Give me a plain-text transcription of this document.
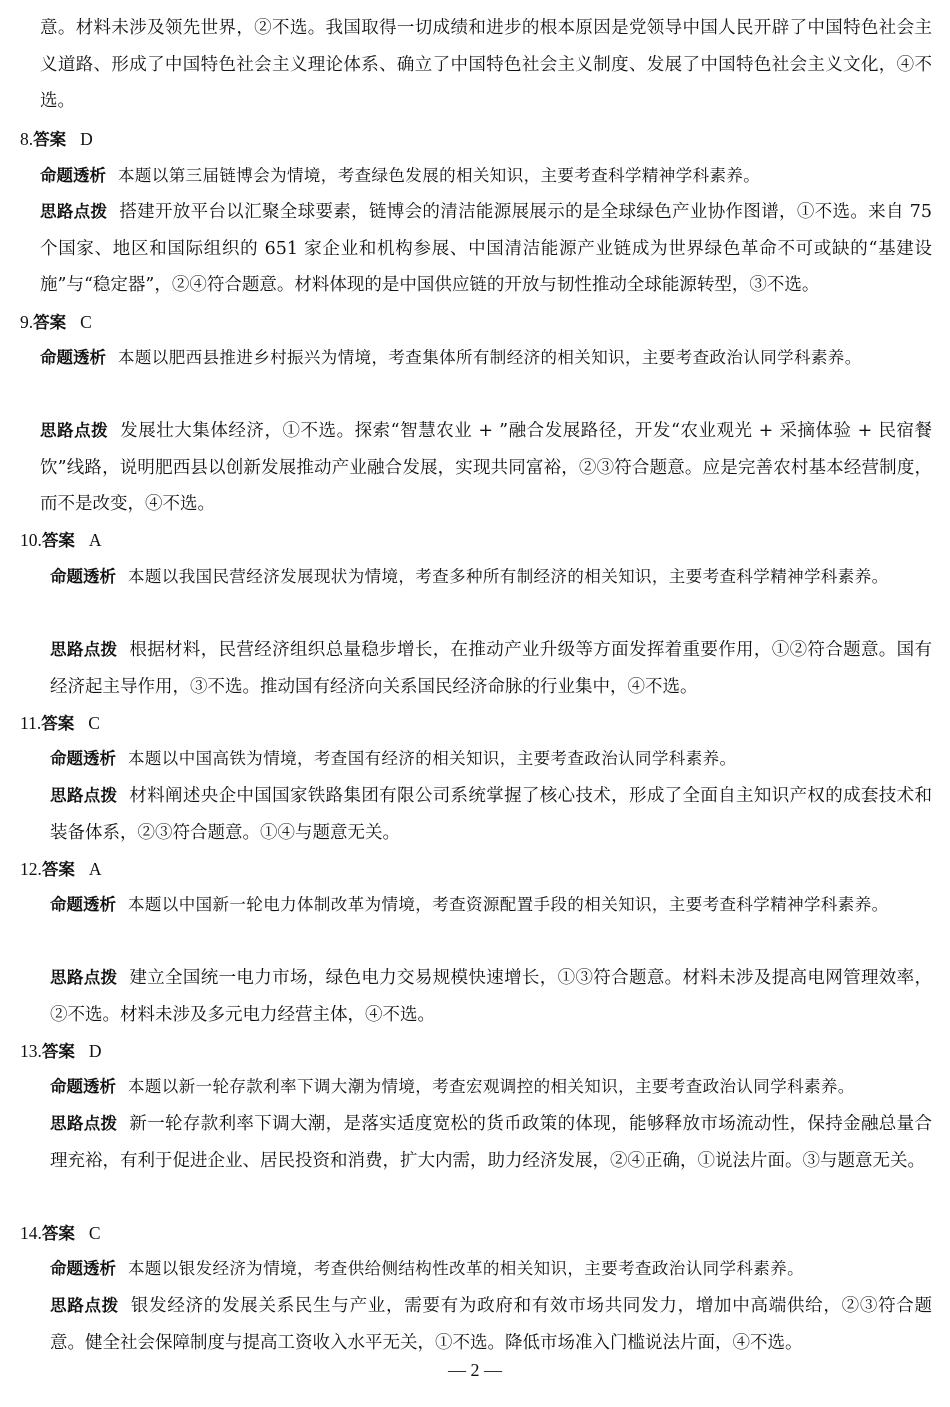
意。材料未涉及领先世界，②不选。我国取得一切成绩和进步的根本原因是党领导中国人民开辟了中国特色社会主义道路、形成了中国特色社会主义理论体系、确立了中国特色社会主义制度、发展了中国特色社会主义文化，④不选。
8.答案 D
命题透析 本题以第三届链博会为情境，考查绿色发展的相关知识，主要考查科学精神学科素养。
思路点拨 搭建开放平台以汇聚全球要素，链博会的清洁能源展展示的是全球绿色产业协作图谱，①不选。来自 75 个国家、地区和国际组织的 651 家企业和机构参展、中国清洁能源产业链成为世界绿色革命不可或缺的“基建设施”与“稳定器”，②④符合题意。材料体现的是中国供应链的开放与韧性推动全球能源转型，③不选。
9.答案 C
命题透析 本题以肥西县推进乡村振兴为情境，考查集体所有制经济的相关知识，主要考查政治认同学科素养。
思路点拨 发展壮大集体经济，①不选。探索“智慧农业 + ”融合发展路径，开发“农业观光 + 采摘体验 + 民宿餐饮”线路，说明肥西县以创新发展推动产业融合发展，实现共同富裕，②③符合题意。应是完善农村基本经营制度，而不是改变，④不选。
10.答案 A
命题透析 本题以我国民营经济发展现状为情境，考查多种所有制经济的相关知识，主要考查科学精神学科素养。
思路点拨 根据材料，民营经济组织总量稳步增长，在推动产业升级等方面发挥着重要作用，①②符合题意。国有经济起主导作用，③不选。推动国有经济向关系国民经济命脉的行业集中，④不选。
11.答案 C
命题透析 本题以中国高铁为情境，考查国有经济的相关知识，主要考查政治认同学科素养。
思路点拨 材料阐述央企中国国家铁路集团有限公司系统掌握了核心技术，形成了全面自主知识产权的成套技术和装备体系，②③符合题意。①④与题意无关。
12.答案 A
命题透析 本题以中国新一轮电力体制改革为情境，考查资源配置手段的相关知识，主要考查科学精神学科素养。
思路点拨 建立全国统一电力市场，绿色电力交易规模快速增长，①③符合题意。材料未涉及提高电网管理效率，②不选。材料未涉及多元电力经营主体，④不选。
13.答案 D
命题透析 本题以新一轮存款利率下调大潮为情境，考查宏观调控的相关知识，主要考查政治认同学科素养。
思路点拨 新一轮存款利率下调大潮，是落实适度宽松的货币政策的体现，能够释放市场流动性，保持金融总量合理充裕，有利于促进企业、居民投资和消费，扩大内需，助力经济发展，②④正确，①说法片面。③与题意无关。
14.答案 C
命题透析 本题以银发经济为情境，考查供给侧结构性改革的相关知识，主要考查政治认同学科素养。
思路点拨 银发经济的发展关系民生与产业，需要有为政府和有效市场共同发力，增加中高端供给，②③符合题意。健全社会保障制度与提高工资收入水平无关，①不选。降低市场准入门槛说法片面，④不选。
— 2 —
